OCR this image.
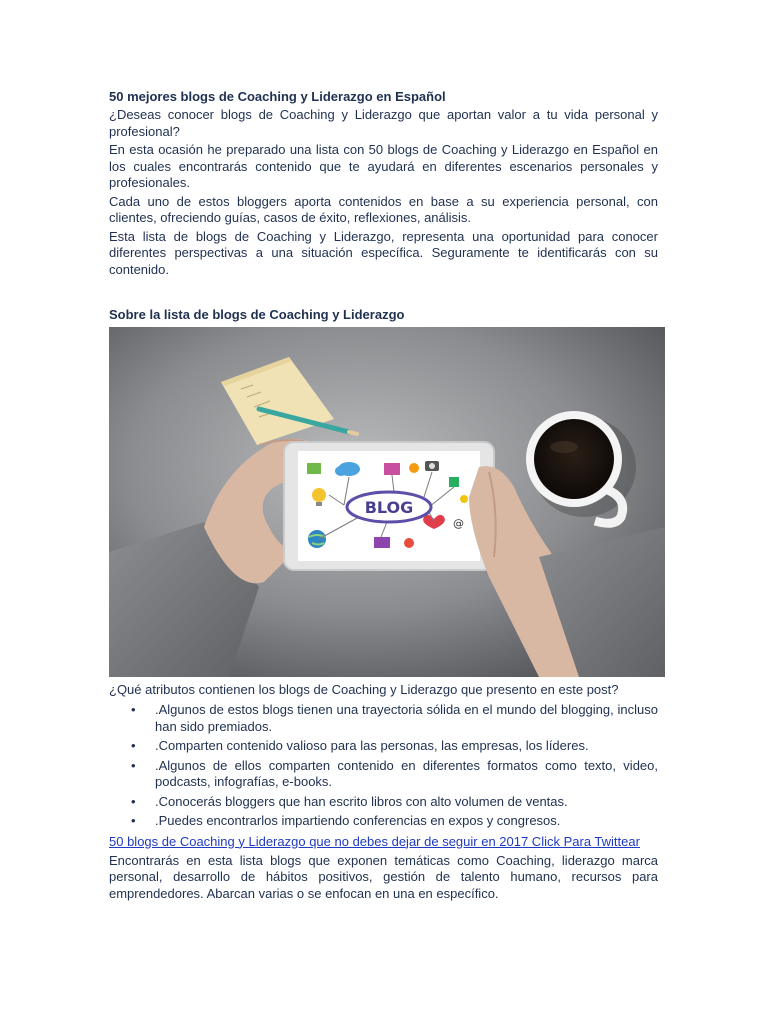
50 mejores blogs de Coaching y Liderazgo en Español

¿Deseas conocer blogs de Coaching y Liderazgo que aportan valor a tu vida personal y profesional?

En esta ocasión he preparado una lista con 50 blogs de Coaching y Liderazgo en Español en los cuales encontrarás contenido que te ayudará en diferentes escenarios personales y profesionales.

Cada uno de estos bloggers aporta contenidos en base a su experiencia personal, con clientes, ofreciendo guías, casos de éxito, reflexiones, análisis.

Esta lista de blogs de Coaching y Liderazgo, representa una oportunidad para conocer diferentes perspectivas a una situación específica. Seguramente te identificarás con su contenido.

Sobre la lista de blogs de Coaching y Liderazgo
@
BLOG

¿Qué atributos contienen los blogs de Coaching y Liderazgo que presento en este post?

• .Algunos de estos blogs tienen una trayectoria sólida en el mundo del blogging, incluso han sido premiados.
• .Comparten contenido valioso para las personas, las empresas, los líderes.
• .Algunos de ellos comparten contenido en diferentes formatos como texto, video, podcasts, infografías, e-books.
• .Conocerás bloggers que han escrito libros con alto volumen de ventas.
• .Puedes encontrarlos impartiendo conferencias en expos y congresos.
50 blogs de Coaching y Liderazgo que no debes dejar de seguir en 2017 Click Para Twittear

Encontrarás en esta lista blogs que exponen temáticas como Coaching, liderazgo marca personal, desarrollo de hábitos positivos, gestión de talento humano, recursos para emprendedores. Abarcan varias o se enfocan en una en específico.
